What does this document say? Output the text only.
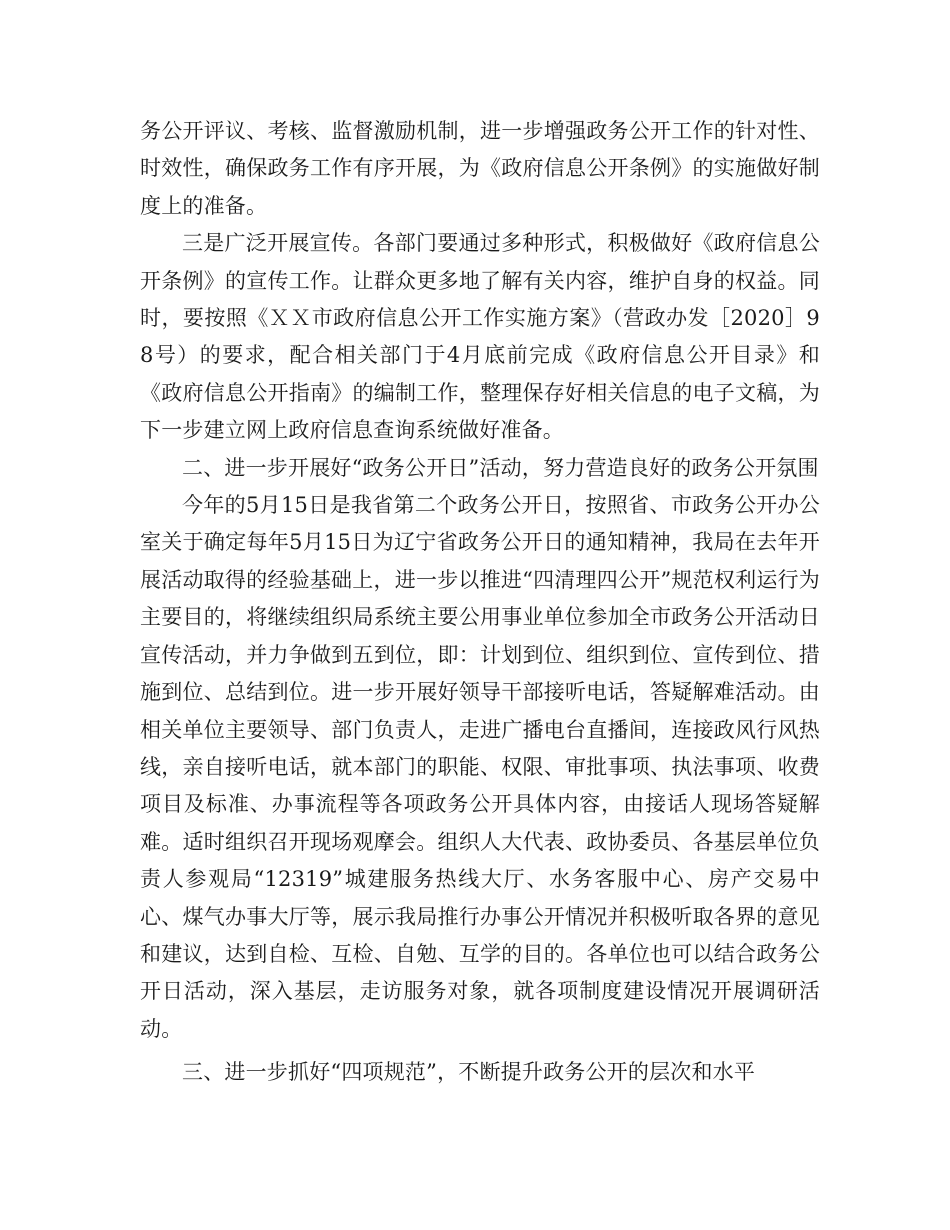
务公开评议、考核、监督激励机制，进一步增强政务公开工作的针对性、时效性，确保政务工作有序开展，为《政府信息公开条例》的实施做好制度上的准备。

三是广泛开展宣传。各部门要通过多种形式，积极做好《政府信息公开条例》的宣传工作。让群众更多地了解有关内容，维护自身的权益。同时，要按照《ＸＸ市政府信息公开工作实施方案》（营政办发［2020］98号）的要求，配合相关部门于4月底前完成《政府信息公开目录》和《政府信息公开指南》的编制工作，整理保存好相关信息的电子文稿，为下一步建立网上政府信息查询系统做好准备。

二、进一步开展好“政务公开日”活动，努力营造良好的政务公开氛围

今年的5月15日是我省第二个政务公开日，按照省、市政务公开办公室关于确定每年5月15日为辽宁省政务公开日的通知精神，我局在去年开展活动取得的经验基础上，进一步以推进“四清理四公开”规范权利运行为主要目的，将继续组织局系统主要公用事业单位参加全市政务公开活动日宣传活动，并力争做到五到位，即：计划到位、组织到位、宣传到位、措施到位、总结到位。进一步开展好领导干部接听电话，答疑解难活动。由相关单位主要领导、部门负责人，走进广播电台直播间，连接政风行风热线，亲自接听电话，就本部门的职能、权限、审批事项、执法事项、收费项目及标准、办事流程等各项政务公开具体内容，由接话人现场答疑解难。适时组织召开现场观摩会。组织人大代表、政协委员、各基层单位负责人参观局“12319”城建服务热线大厅、水务客服中心、房产交易中心、煤气办事大厅等，展示我局推行办事公开情况并积极听取各界的意见和建议，达到自检、互检、自勉、互学的目的。各单位也可以结合政务公开日活动，深入基层，走访服务对象，就各项制度建设情况开展调研活动。

三、进一步抓好“四项规范”，不断提升政务公开的层次和水平
